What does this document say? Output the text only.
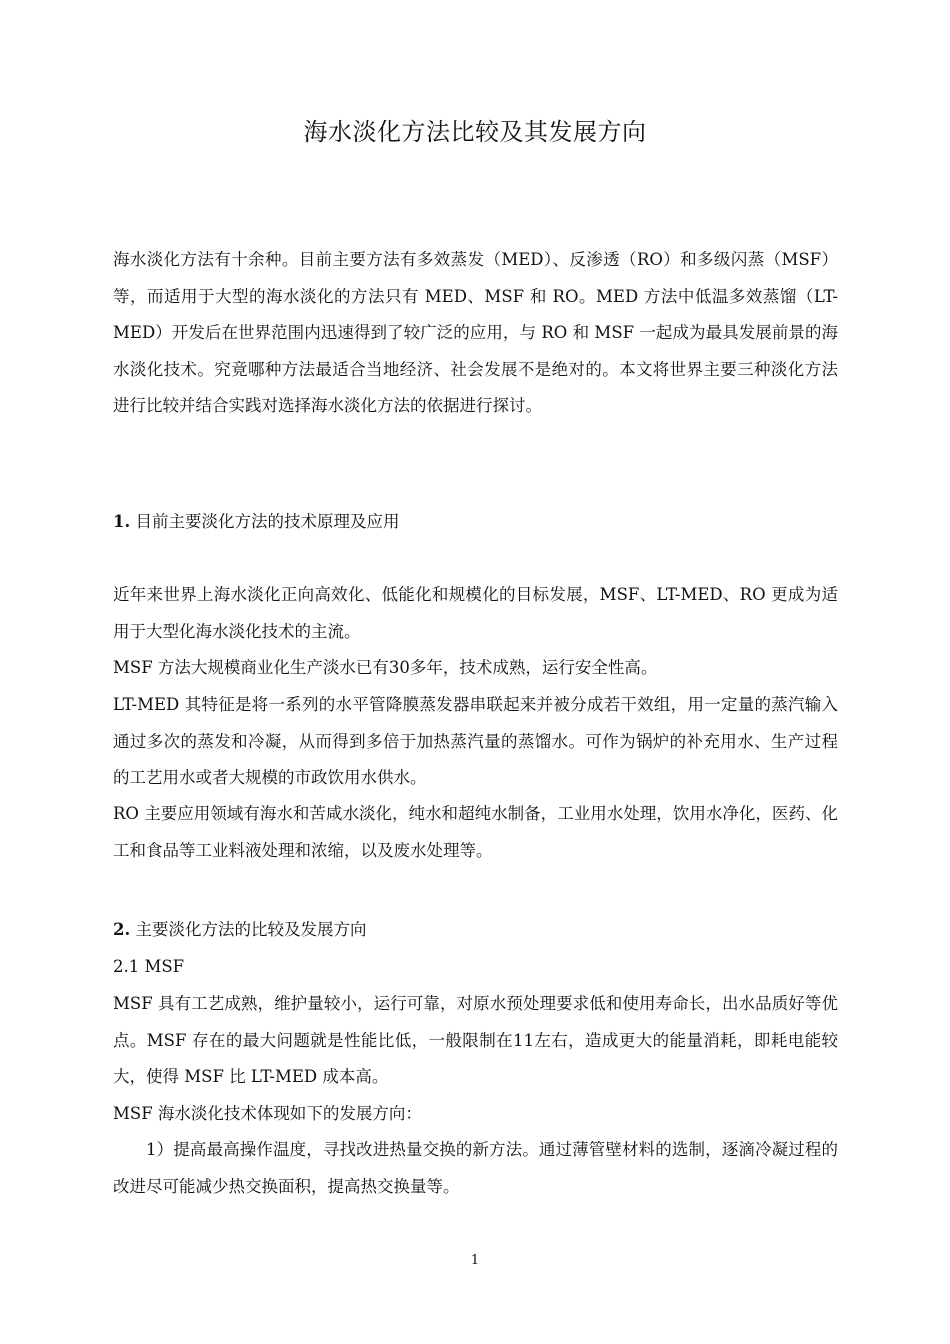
海水淡化方法比较及其发展方向

海水淡化方法有十余种。目前主要方法有多效蒸发（MED）、反渗透（RO）和多级闪蒸（MSF）等，而适用于大型的海水淡化的方法只有 MED、MSF 和 RO。MED 方法中低温多效蒸馏（LT-MED）开发后在世界范围内迅速得到了较广泛的应用，与 RO 和 MSF 一起成为最具发展前景的海水淡化技术。究竟哪种方法最适合当地经济、社会发展不是绝对的。本文将世界主要三种淡化方法进行比较并结合实践对选择海水淡化方法的依据进行探讨。

1. 目前主要淡化方法的技术原理及应用

近年来世界上海水淡化正向高效化、低能化和规模化的目标发展，MSF、LT-MED、RO 更成为适用于大型化海水淡化技术的主流。

MSF 方法大规模商业化生产淡水已有30多年，技术成熟，运行安全性高。

LT-MED 其特征是将一系列的水平管降膜蒸发器串联起来并被分成若干效组，用一定量的蒸汽输入通过多次的蒸发和冷凝，从而得到多倍于加热蒸汽量的蒸馏水。可作为锅炉的补充用水、生产过程的工艺用水或者大规模的市政饮用水供水。

RO 主要应用领域有海水和苦咸水淡化，纯水和超纯水制备，工业用水处理，饮用水净化，医药、化工和食品等工业料液处理和浓缩，以及废水处理等。

2. 主要淡化方法的比较及发展方向

2.1 MSF

MSF 具有工艺成熟，维护量较小，运行可靠，对原水预处理要求低和使用寿命长，出水品质好等优点。MSF 存在的最大问题就是性能比低，一般限制在11左右，造成更大的能量消耗，即耗电能较大，使得 MSF 比 LT-MED 成本高。

MSF 海水淡化技术体现如下的发展方向：

1）提高最高操作温度，寻找改进热量交换的新方法。通过薄管壁材料的选制，逐滴冷凝过程的改进尽可能减少热交换面积，提高热交换量等。

1
